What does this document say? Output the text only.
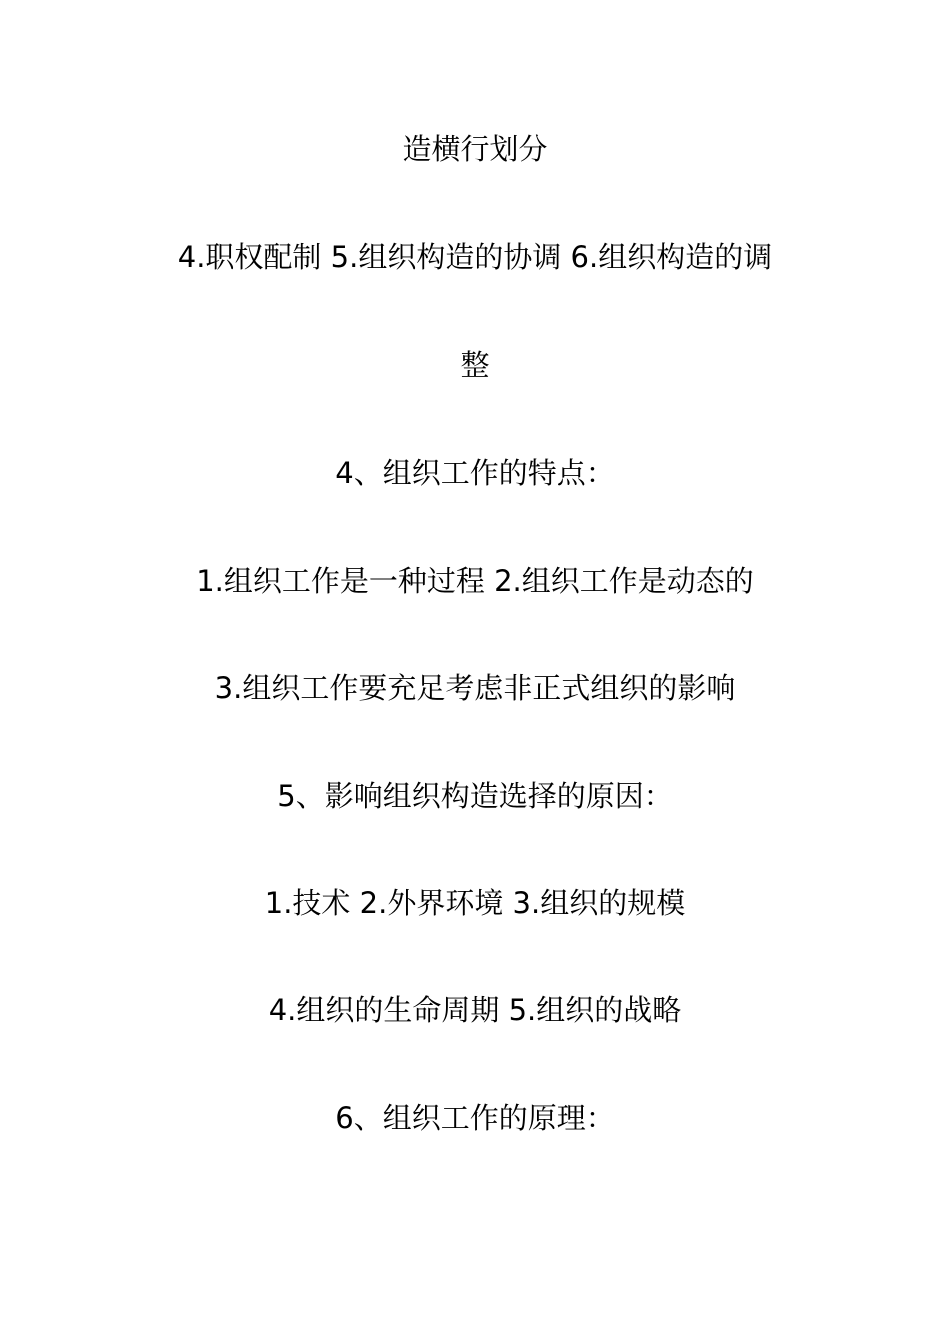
造横行划分
4.职权配制 5.组织构造的协调 6.组织构造的调
整
4、组织工作的特点：
1.组织工作是一种过程 2.组织工作是动态的
3.组织工作要充足考虑非正式组织的影响
5、影响组织构造选择的原因：
1.技术 2.外界环境 3.组织的规模
4.组织的生命周期 5.组织的战略
6、组织工作的原理：
